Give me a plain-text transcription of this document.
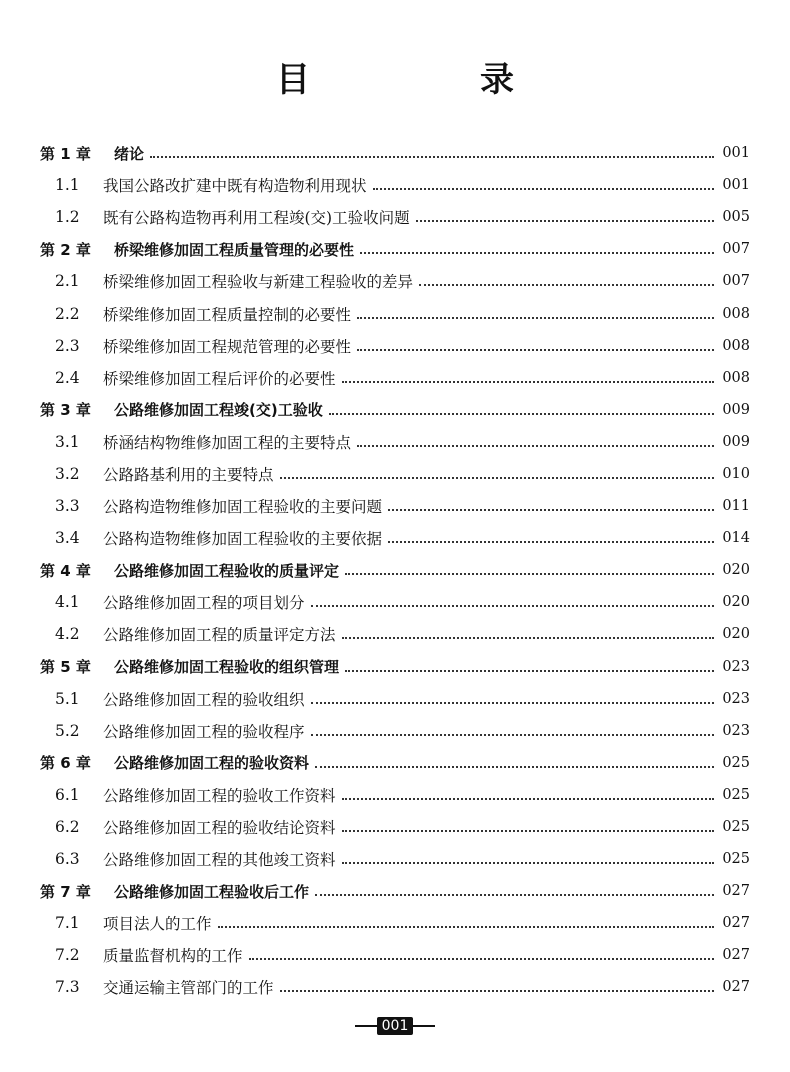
目　录
第 1 章	绪论	001
1.1	我国公路改扩建中既有构造物利用现状	001
1.2	既有公路构造物再利用工程竣(交)工验收问题	005
第 2 章	桥梁维修加固工程质量管理的必要性	007
2.1	桥梁维修加固工程验收与新建工程验收的差异	007
2.2	桥梁维修加固工程质量控制的必要性	008
2.3	桥梁维修加固工程规范管理的必要性	008
2.4	桥梁维修加固工程后评价的必要性	008
第 3 章	公路维修加固工程竣(交)工验收	009
3.1	桥涵结构物维修加固工程的主要特点	009
3.2	公路路基利用的主要特点	010
3.3	公路构造物维修加固工程验收的主要问题	011
3.4	公路构造物维修加固工程验收的主要依据	014
第 4 章	公路维修加固工程验收的质量评定	020
4.1	公路维修加固工程的项目划分	020
4.2	公路维修加固工程的质量评定方法	020
第 5 章	公路维修加固工程验收的组织管理	023
5.1	公路维修加固工程的验收组织	023
5.2	公路维修加固工程的验收程序	023
第 6 章	公路维修加固工程的验收资料	025
6.1	公路维修加固工程的验收工作资料	025
6.2	公路维修加固工程的验收结论资料	025
6.3	公路维修加固工程的其他竣工资料	025
第 7 章	公路维修加固工程验收后工作	027
7.1	项目法人的工作	027
7.2	质量监督机构的工作	027
7.3	交通运输主管部门的工作	027
001
